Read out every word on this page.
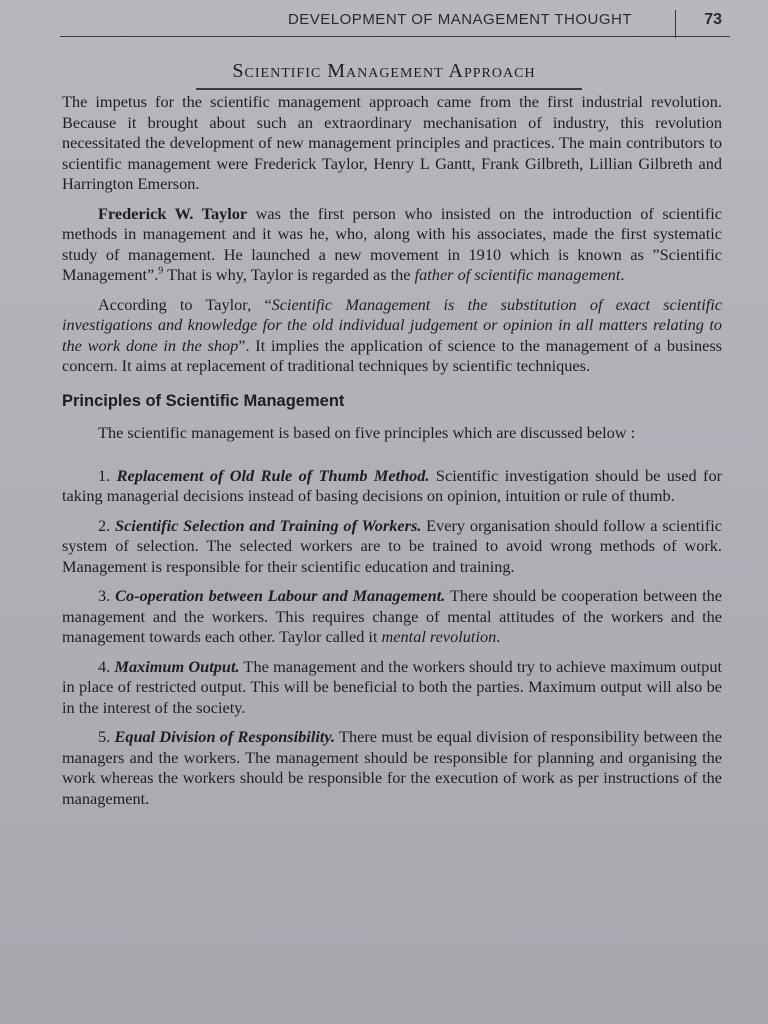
DEVELOPMENT OF MANAGEMENT THOUGHT	73
Scientific Management Approach

The impetus for the scientific management approach came from the first industrial revolution. Because it brought about such an extraordinary mechanisation of industry, this revolution necessitated the development of new management principles and practices. The main contributors to scientific management were Frederick Taylor, Henry L Gantt, Frank Gilbreth, Lillian Gilbreth and Harrington Emerson.

Frederick W. Taylor was the first person who insisted on the introduction of scientific methods in management and it was he, who, along with his associates, made the first systematic study of management. He launched a new movement in 1910 which is known as ”Scientific Management”.$^9$ That is why, Taylor is regarded as the father of scientific management.

According to Taylor, “Scientific Management is the substitution of exact scientific investigations and knowledge for the old individual judgement or opinion in all matters relating to the work done in the shop”. It implies the application of science to the management of a business concern. It aims at replacement of traditional techniques by scientific techniques.

Principles of Scientific Management

The scientific management is based on five principles which are discussed below :

1. Replacement of Old Rule of Thumb Method. Scientific investigation should be used for taking managerial decisions instead of basing decisions on opinion, intuition or rule of thumb.

2. Scientific Selection and Training of Workers. Every organisation should follow a scientific system of selection. The selected workers are to be trained to avoid wrong methods of work. Management is responsible for their scientific education and training.

3. Co-operation between Labour and Management. There should be cooperation between the management and the workers. This requires change of mental attitudes of the workers and the management towards each other. Taylor called it mental revolution.

4. Maximum Output. The management and the workers should try to achieve maximum output in place of restricted output. This will be beneficial to both the parties. Maximum output will also be in the interest of the society.

5. Equal Division of Responsibility. There must be equal division of responsibility between the managers and the workers. The management should be responsible for planning and organising the work whereas the workers should be responsible for the execution of work as per instructions of the management.
